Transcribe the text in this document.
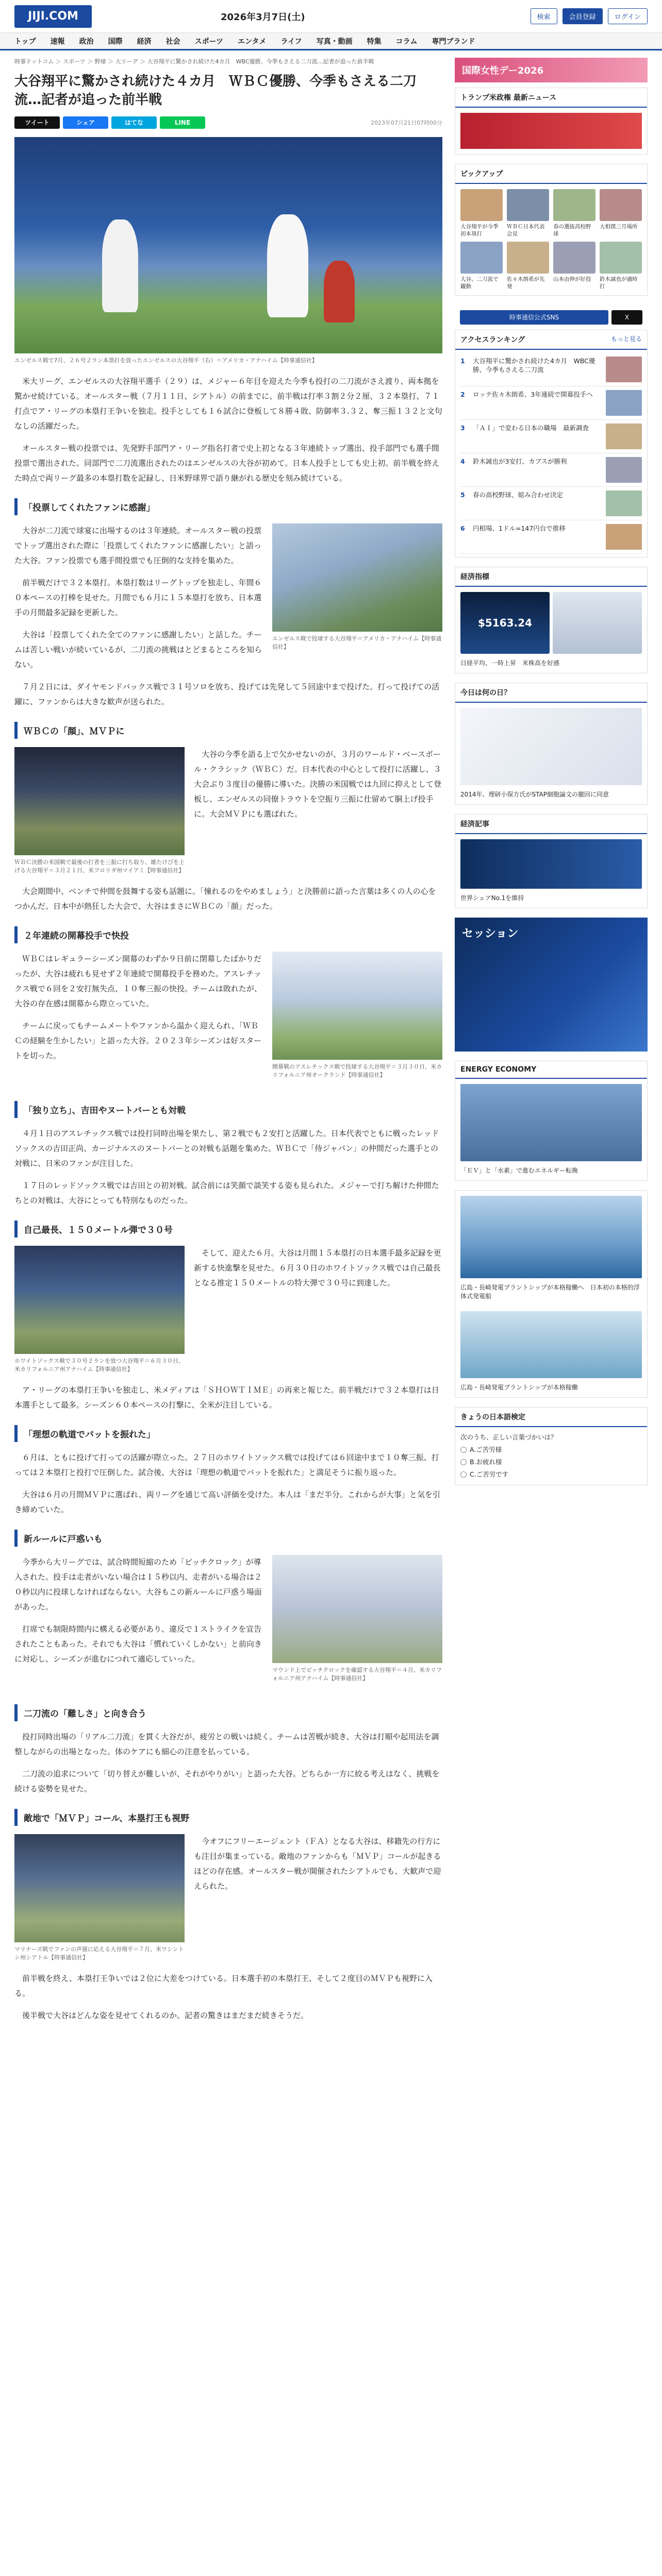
JIJI.COM	2026年3月7日(土)	検索	会員登録	ログイン
トップ 速報 政治 国際 経済 社会 スポーツ エンタメ ライフ 写真・動画 特集 コラム 専門ブランド
時事ドットコム ＞ スポーツ ＞ 野球 ＞ 大リーグ ＞ 大谷翔平に驚かされ続けた4カ月　WBC優勝、今季もさえる二刀流…記者が追った前半戦
大谷翔平に驚かされ続けた４カ月　ＷＢＣ優勝、今季もさえる二刀流…記者が追った前半戦
ツイート	シェア	はてな	LINE	2023年07月21日07時00分
エンゼルス戦で7月、２６号２ラン本塁打を放ったエンゼルスの大谷翔平（右）＝アメリカ・アナハイム【時事通信社】

米大リーグ、エンゼルスの大谷翔平選手（２９）は、メジャー６年目を迎えた今季も投打の二刀流がさえ渡り、両本拠を驚かせ続けている。オールスター戦（７月１１日、シアトル）の前までに、前半戦は打率３割２分２厘、３２本塁打、７１打点でア・リーグの本塁打王争いを独走。投手としても１６試合に登板して８勝４敗、防御率３.３２、奪三振１３２と文句なしの活躍だった。

オールスター戦の投票では、先発野手部門ア・リーグ指名打者で史上初となる３年連続トップ選出、投手部門でも選手間投票で選出された。同部門で二刀流選出されたのはエンゼルスの大谷が初めて。日本人投手としても史上初。前半戦を終えた時点で両リーグ最多の本塁打数を記録し、日米野球界で語り継がれる歴史を刻み続けている。

「投票してくれたファンに感謝」

大谷が二刀流で球宴に出場するのは３年連続。オールスター戦の投票でトップ選出された際に「投票してくれたファンに感謝したい」と語った大谷。ファン投票でも選手間投票でも圧倒的な支持を集めた。

前半戦だけで３２本塁打。本塁打数はリーグトップを独走し、年間６０本ペースの打棒を見せた。月間でも６月に１５本塁打を放ち、日本選手の月間最多記録を更新した。

大谷は「投票してくれた全てのファンに感謝したい」と話した。チームは苦しい戦いが続いているが、二刀流の挑戦はとどまるところを知らない。

エンゼルス戦で投球する大谷翔平＝アメリカ・アナハイム【時事通信社】

７月２日には、ダイヤモンドバックス戦で３１号ソロを放ち、投げては先発して５回途中まで投げた。打って投げての活躍に、ファンからは大きな歓声が送られた。

ＷＢＣの「顔」、ＭＶＰに
ＷＢＣ決勝の米国戦で最後の打者を三振に打ち取り、雄たけびを上げる大谷翔平＝３月２１日、米フロリダ州マイアミ【時事通信社】

大谷の今季を語る上で欠かせないのが、３月のワールド・ベースボール・クラシック（ＷＢＣ）だ。日本代表の中心として投打に活躍し、３大会ぶり３度目の優勝に導いた。決勝の米国戦では九回に抑えとして登板し、エンゼルスの同僚トラウトを空振り三振に仕留めて胴上げ投手に。大会ＭＶＰにも選ばれた。

大会期間中、ベンチで仲間を鼓舞する姿も話題に。「憧れるのをやめましょう」と決勝前に語った言葉は多くの人の心をつかんだ。日本中が熱狂した大会で、大谷はまさにＷＢＣの「顔」だった。

２年連続の開幕投手で快投

ＷＢＣはレギュラーシーズン開幕のわずか９日前に閉幕したばかりだったが、大谷は疲れも見せず２年連続で開幕投手を務めた。アスレチックス戦で６回を２安打無失点、１０奪三振の快投。チームは敗れたが、大谷の存在感は開幕から際立っていた。

チームに戻ってもチームメートやファンから温かく迎えられ、「ＷＢＣの経験を生かしたい」と語った大谷。２０２３年シーズンは好スタートを切った。

開幕戦のアスレチックス戦で投球する大谷翔平＝３月３０日、米カリフォルニア州オークランド【時事通信社】
「独り立ち」、吉田やヌートバーとも対戦

４月１日のアスレチックス戦では投打同時出場を果たし、第２戦でも２安打と活躍した。日本代表でともに戦ったレッドソックスの吉田正尚、カージナルスのヌートバーとの対戦も話題を集めた。ＷＢＣで「侍ジャパン」の仲間だった選手との対戦に、日米のファンが注目した。

１７日のレッドソックス戦では吉田との初対戦。試合前には笑顔で談笑する姿も見られた。メジャーで打ち解けた仲間たちとの対戦は、大谷にとっても特別なものだった。

自己最長、１５０メートル弾で３０号
ホワイトソックス戦で３０号２ランを放つ大谷翔平＝６月３０日、米カリフォルニア州アナハイム【時事通信社】

そして、迎えた６月。大谷は月間１５本塁打の日本選手最多記録を更新する快進撃を見せた。６月３０日のホワイトソックス戦では自己最長となる推定１５０メートルの特大弾で３０号に到達した。

ア・リーグの本塁打王争いを独走し、米メディアは「ＳＨＯＷＴＩＭＥ」の再来と報じた。前半戦だけで３２本塁打は日本選手として最多。シーズン６０本ペースの打撃に、全米が注目している。

「理想の軌道でバットを振れた」

６月は、ともに投げて打っての活躍が際立った。２７日のホワイトソックス戦では投げては６回途中まで１０奪三振、打っては２本塁打と投打で圧倒した。試合後、大谷は「理想の軌道でバットを振れた」と満足そうに振り返った。

大谷は６月の月間ＭＶＰに選ばれ、両リーグを通じて高い評価を受けた。本人は「まだ半分。これからが大事」と気を引き締めていた。

新ルールに戸惑いも

今季から大リーグでは、試合時間短縮のため「ピッチクロック」が導入された。投手は走者がいない場合は１５秒以内、走者がいる場合は２０秒以内に投球しなければならない。大谷もこの新ルールに戸惑う場面があった。

打席でも制限時間内に構える必要があり、違反で１ストライクを宣告されたこともあった。それでも大谷は「慣れていくしかない」と前向きに対応し、シーズンが進むにつれて適応していった。

マウンド上でピッチクロックを確認する大谷翔平＝４月、米カリフォルニア州アナハイム【時事通信社】
二刀流の「難しさ」と向き合う

投打同時出場の「リアル二刀流」を貫く大谷だが、疲労との戦いは続く。チームは苦戦が続き、大谷は打順や起用法を調整しながらの出場となった。体のケアにも細心の注意を払っている。

二刀流の追求について「切り替えが難しいが、それがやりがい」と語った大谷。どちらか一方に絞る考えはなく、挑戦を続ける姿勢を見せた。

敵地で「ＭＶＰ」コール、本塁打王も視野
マリナーズ戦でファンの声援に応える大谷翔平＝７月、米ワシントン州シアトル【時事通信社】

今オフにフリーエージェント（ＦＡ）となる大谷は、移籍先の行方にも注目が集まっている。敵地のファンからも「ＭＶＰ」コールが起きるほどの存在感。オールスター戦が開催されたシアトルでも、大歓声で迎えられた。

前半戦を終え、本塁打王争いでは２位に大差をつけている。日本選手初の本塁打王、そして２度目のＭＶＰも視野に入る。

後半戦で大谷はどんな姿を見せてくれるのか。記者の驚きはまだまだ続きそうだ。

国際女性デー2026
トランプ米政権 最新ニュース
ピックアップ
大谷翔平が今季初本塁打
ＷＢＣ日本代表会見
春の選抜高校野球
大相撲三月場所
大谷、二刀流で躍動
佐々木朗希が先発
山本由伸が好投	鈴木誠也が適時打
時事通信公式SNS	X
アクセスランキング	もっと見る
1	大谷翔平に驚かされ続けた4カ月　WBC優勝、今季もさえる二刀流
2	ロッテ佐々木朗希、3年連続で開幕投手へ
3	「ＡＩ」で変わる日本の職場　最新調査
4	鈴木誠也が3安打、カブスが勝利
5	春の高校野球、組み合わせ決定
6	円相場、1ドル=147円台で推移
経済指標
$5163.24
日経平均、一時上昇　米株高を好感
今日は何の日？
2014年、理研小保方氏がSTAP細胞論文の撤回に同意
経済記事
世界シェアNo.1を維持
セッション
ENERGY ECONOMY
「ＥＶ」と「水素」で進むエネルギー転換
広島・長崎発電プラントシップが本格稼働へ　日本初の本格的浮体式発電船
広島・長崎発電プラントシップが本格稼働
きょうの日本語検定
次のうち、正しい言葉づかいは？
A.ご苦労様
B.お疲れ様
C.ご苦労です
